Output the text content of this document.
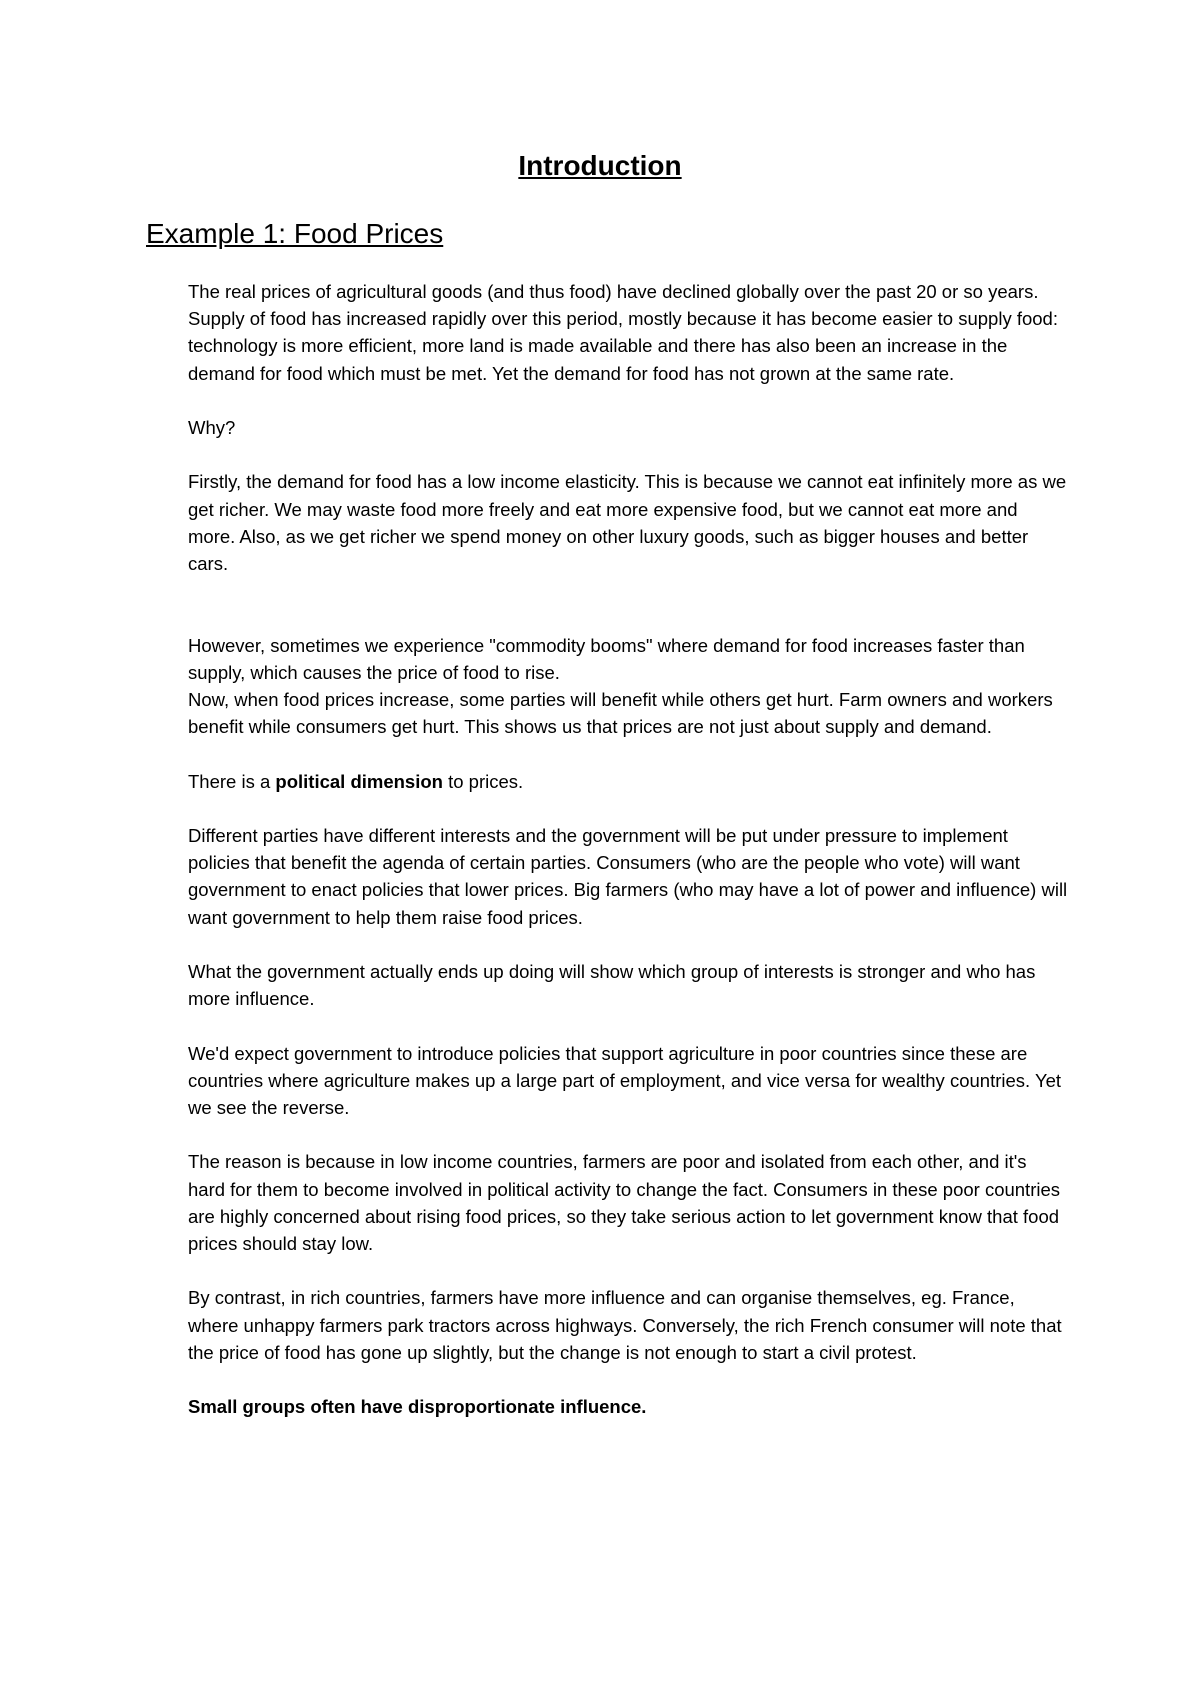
Introduction
Example 1: Food Prices

The real prices of agricultural goods (and thus food) have declined globally over the past 20 or so years. Supply of food has increased rapidly over this period, mostly because it has become easier to supply food: technology is more efficient, more land is made available and there has also been an increase in the demand for food which must be met. Yet the demand for food has not grown at the same rate.

Why?

Firstly, the demand for food has a low income elasticity. This is because we cannot eat infinitely more as we get richer. We may waste food more freely and eat more expensive food, but we cannot eat more and more. Also, as we get richer we spend money on other luxury goods, such as bigger houses and better cars.

However, sometimes we experience "commodity booms" where demand for food increases faster than supply, which causes the price of food to rise.

Now, when food prices increase, some parties will benefit while others get hurt. Farm owners and workers benefit while consumers get hurt. This shows us that prices are not just about supply and demand.

There is a political dimension to prices.

Different parties have different interests and the government will be put under pressure to implement policies that benefit the agenda of certain parties. Consumers (who are the people who vote) will want government to enact policies that lower prices. Big farmers (who may have a lot of power and influence) will want government to help them raise food prices.

What the government actually ends up doing will show which group of interests is stronger and who has more influence.

We'd expect government to introduce policies that support agriculture in poor countries since these are countries where agriculture makes up a large part of employment, and vice versa for wealthy countries. Yet we see the reverse.

The reason is because in low income countries, farmers are poor and isolated from each other, and it's hard for them to become involved in political activity to change the fact. Consumers in these poor countries are highly concerned about rising food prices, so they take serious action to let government know that food prices should stay low.

By contrast, in rich countries, farmers have more influence and can organise themselves, eg. France, where unhappy farmers park tractors across highways. Conversely, the rich French consumer will note that the price of food has gone up slightly, but the change is not enough to start a civil protest.

Small groups often have disproportionate influence.
